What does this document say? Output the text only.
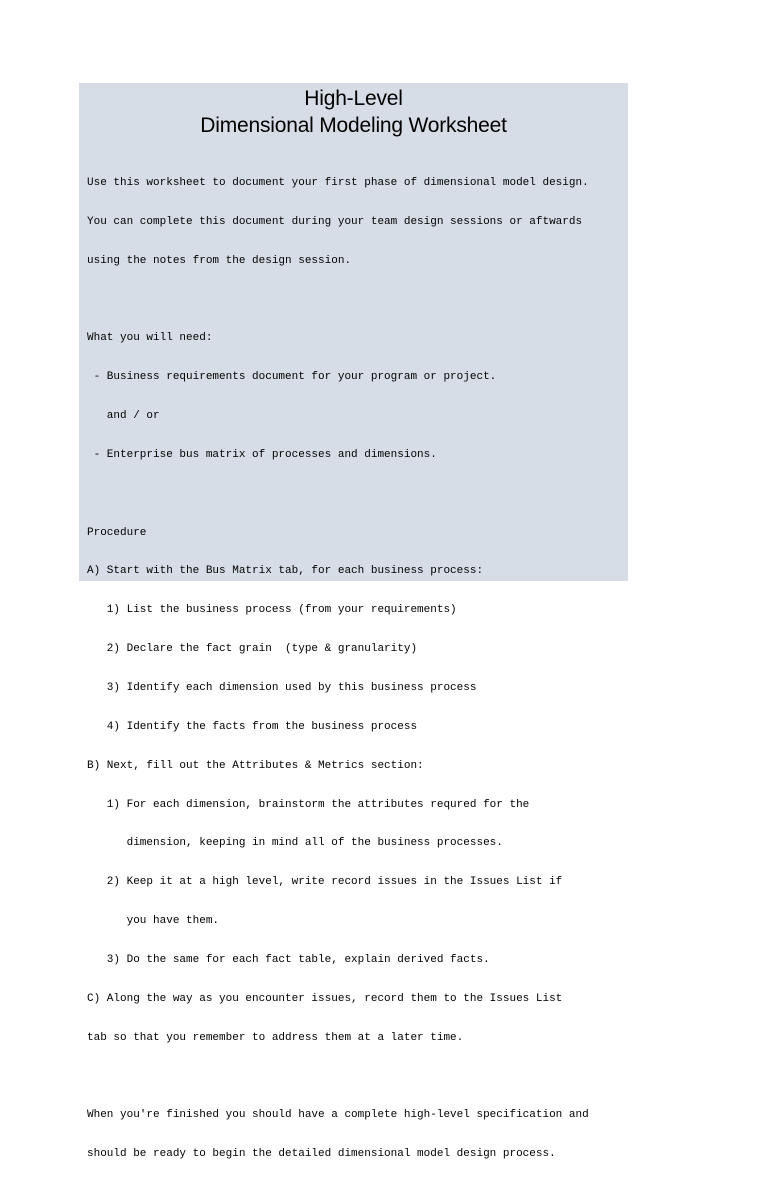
High-Level
Dimensional Modeling Worksheet

Use this worksheet to document your first phase of dimensional model design.

You can complete this document during your team design sessions or aftwards

using the notes from the design session.

What you will need:

- Business requirements document for your program or project.

and / or

- Enterprise bus matrix of processes and dimensions.

Procedure

A) Start with the Bus Matrix tab, for each business process:

1) List the business process (from your requirements)

2) Declare the fact grain  (type & granularity)

3) Identify each dimension used by this business process

4) Identify the facts from the business process

B) Next, fill out the Attributes & Metrics section:

1) For each dimension, brainstorm the attributes requred for the

dimension, keeping in mind all of the business processes.

2) Keep it at a high level, write record issues in the Issues List if

you have them.

3) Do the same for each fact table, explain derived facts.

C) Along the way as you encounter issues, record them to the Issues List

tab so that you remember to address them at a later time.

When you're finished you should have a complete high-level specification and

should be ready to begin the detailed dimensional model design process.
